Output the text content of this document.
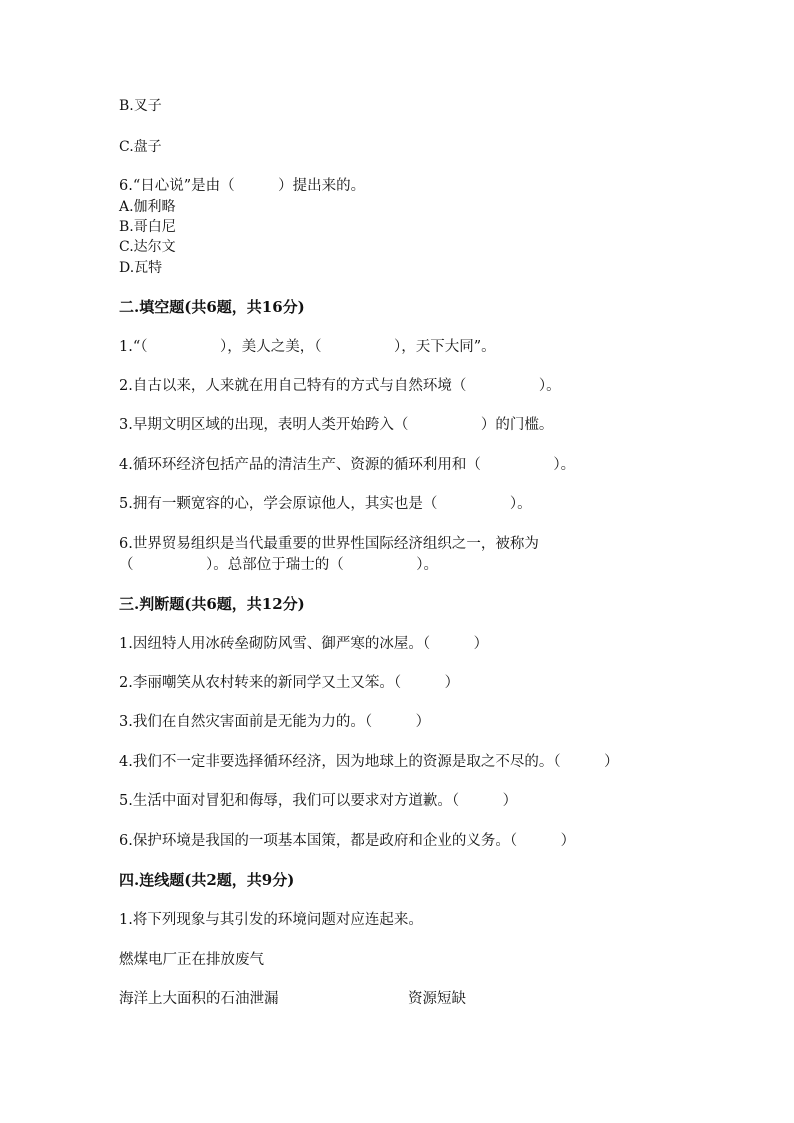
B.叉子
C.盘子
6.“日心说”是由（　　　）提出来的。
A.伽利略
B.哥白尼
C.达尔文
D.瓦特
二.填空题(共6题，共16分)
1.“（　　　　　），美人之美，（　　　　　），天下大同”。
2.自古以来，人来就在用自己特有的方式与自然环境（　　　　　）。
3.早期文明区域的出现，表明人类开始跨入（　　　　　）的门槛。
4.循环环经济包括产品的清洁生产、资源的循环利用和（　　　　　）。
5.拥有一颗宽容的心，学会原谅他人，其实也是（　　　　　）。
6.世界贸易组织是当代最重要的世界性国际经济组织之一，被称为
（　　　　　）。总部位于瑞士的（　　　　　）。
三.判断题(共6题，共12分)
1.因纽特人用冰砖垒砌防风雪、御严寒的冰屋。（　　　）
2.李丽嘲笑从农村转来的新同学又土又笨。（　　　）
3.我们在自然灾害面前是无能为力的。（　　　）
4.我们不一定非要选择循环经济，因为地球上的资源是取之不尽的。（　　　）
5.生活中面对冒犯和侮辱，我们可以要求对方道歉。（　　　）
6.保护环境是我国的一项基本国策，都是政府和企业的义务。（　　　）
四.连线题(共2题，共9分)
1.将下列现象与其引发的环境问题对应连起来。
燃煤电厂正在排放废气
海洋上大面积的石油泄漏	资源短缺
